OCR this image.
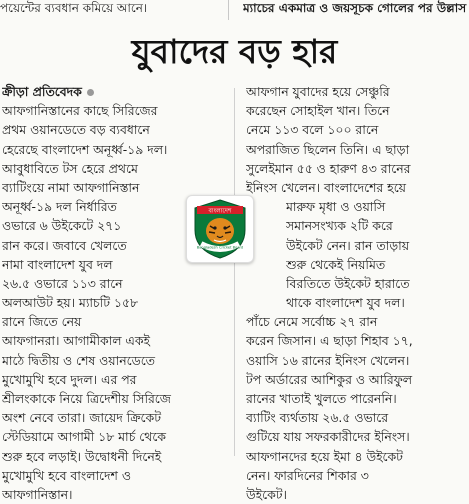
পয়েন্টের ব্যবধান কমিয়ে আনে।	ম্যাচের একমাত্র ও জয়সূচক গোলের পর উল্লাস
যুবাদের বড় হার
ক্রীড়া প্রতিবেদক
আফগানিস্তানের কাছে সিরিজের
প্রথম ওয়ানডেতে বড় ব্যবধানে
হেরেছে বাংলাদেশ অনূর্ধ্ব-১৯ দল।
আবুধাবিতে টস হেরে প্রথমে
ব্যাটিংয়ে নামা আফগানিস্তান
অনূর্ধ্ব-১৯ দল নির্ধারিত
ওভারে ৬ উইকেটে ২৭১
রান করে। জবাবে খেলতে
নামা বাংলাদেশ যুব দল
২৬.৫ ওভারে ১১৩ রানে
অলআউট হয়। ম্যাচটি ১৫৮
রানে জিতে নেয়
আফগানরা। আগামীকাল একই
মাঠে দ্বিতীয় ও শেষ ওয়ানডেতে
মুখোমুখি হবে দুদল। এর পর
শ্রীলংকাকে নিয়ে ত্রিদেশীয় সিরিজে
অংশ নেবে তারা। জায়েদ ক্রিকেট
স্টেডিয়ামে আগামী ১৮ মার্চ থেকে
শুরু হবে লড়াই। উদ্বোধনী দিনেই
মুখোমুখি হবে বাংলাদেশ ও
আফগানিস্তান।
আফগান যুবাদের হয়ে সেঞ্চুরি
করেছেন সোহাইল খান। তিনে
নেমে ১১৩ বলে ১০০ রানে
অপরাজিত ছিলেন তিনি। এ ছাড়া
সুলেইমান ৫৫ ও হারুণ ৪৩ রানের
ইনিংস খেলেন। বাংলাদেশের হয়ে
মারুফ মৃধা ও ওয়াসি
সমানসংখ্যক ২টি করে
উইকেট নেন। রান তাড়ায়
শুরু থেকেই নিয়মিত
বিরতিতে উইকেট হারাতে
থাকে বাংলাদেশ যুব দল।
পাঁচে নেমে সর্বোচ্চ ২৭ রান
করেন জিসান। এ ছাড়া শিহাব ১৭,
ওয়াসি ১৬ রানের ইনিংস খেলেন।
টপ অর্ডারের আশিকুর ও আরিফুল
রানের খাতাই খুলতে পারেননি।
ব্যাটিং ব্যর্থতায় ২৬.৫ ওভারে
গুটিয়ে যায় সফরকারীদের ইনিংস।
আফগানদের হয়ে ইমা ৪ উইকেট
নেন। ফারদিনের শিকার ৩
উইকেট।
বাংলাদেশ
Bangladesh Cricket Board
